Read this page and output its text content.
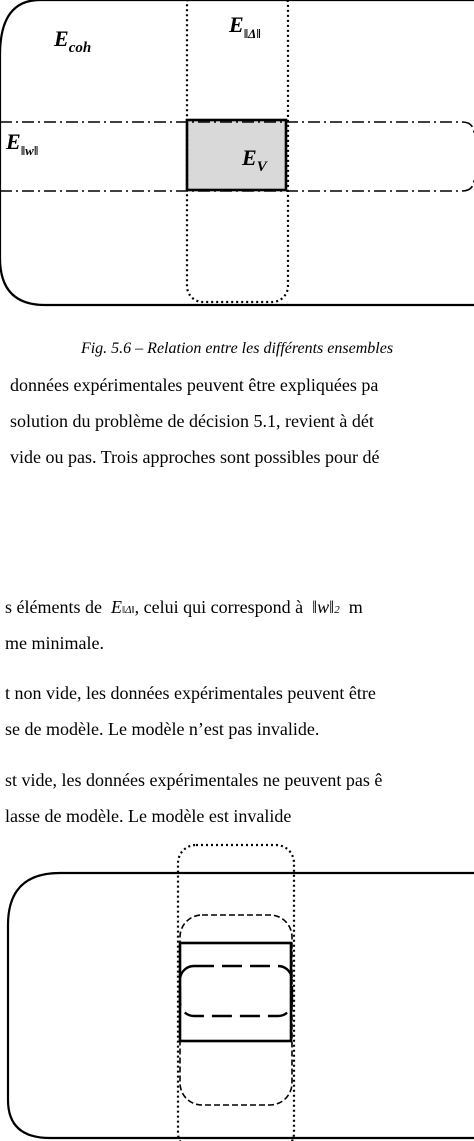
$E_{coh}$
$E_{‖\Delta‖}$
$E_{‖w‖}$	$E_V$
Fig. 5.6 – Relation entre les différents ensembles
données expérimentales peuvent être expliquées pa
solution du problème de décision 5.1, revient à dét
vide ou pas. Trois approches sont possibles pour dé
s éléments de E‖Δ‖, celui qui correspond à ‖w‖2 m
me minimale.
t non vide, les données expérimentales peuvent être
se de modèle. Le modèle n’est pas invalide.
st vide, les données expérimentales ne peuvent pas ê
lasse de modèle. Le modèle est invalide
